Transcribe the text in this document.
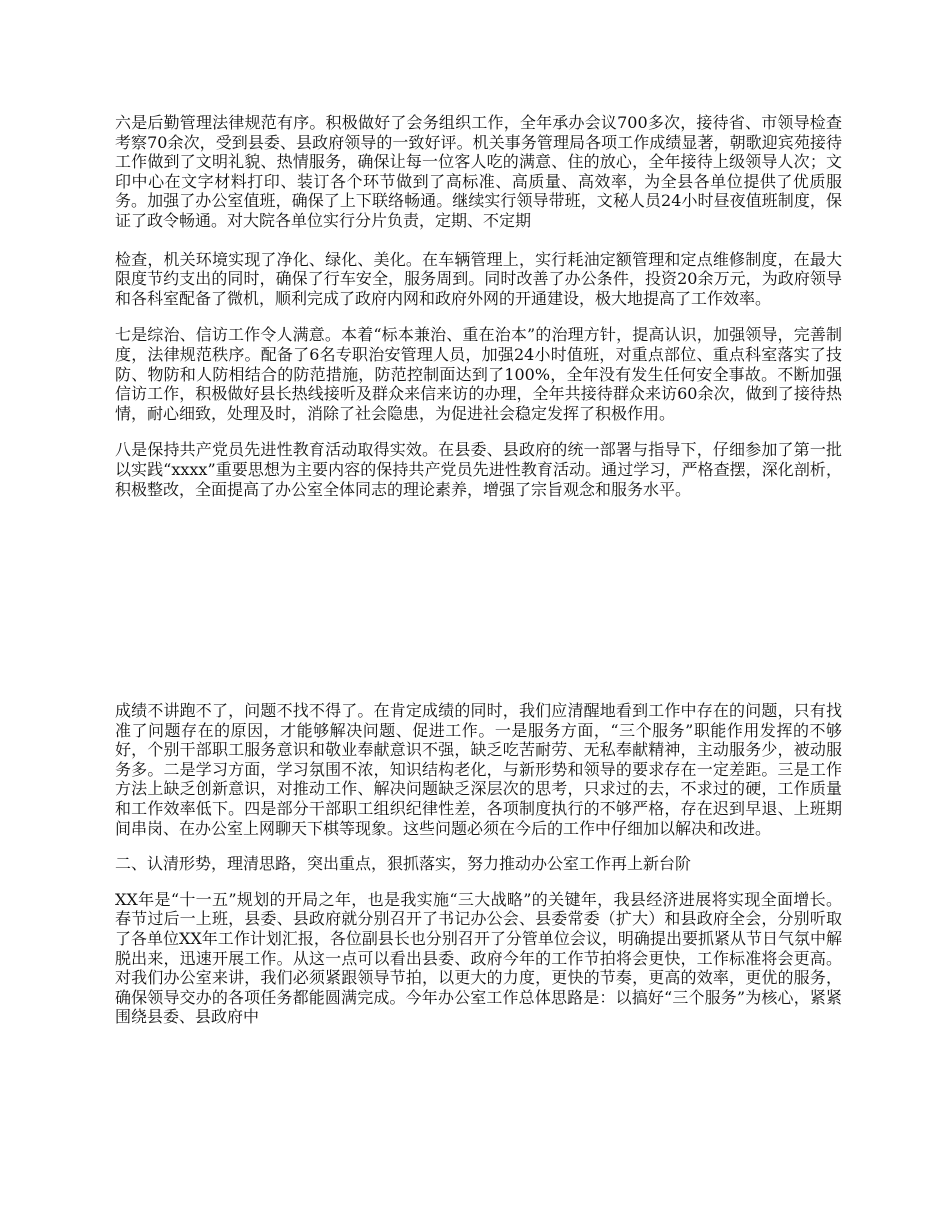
六是后勤管理法律规范有序。积极做好了会务组织工作，全年承办会议700多次，接待省、市领导检查考察70余次，受到县委、县政府领导的一致好评。机关事务管理局各项工作成绩显著，朝歌迎宾苑接待工作做到了文明礼貌、热情服务，确保让每一位客人吃的满意、住的放心，全年接待上级领导人次；文印中心在文字材料打印、装订各个环节做到了高标准、高质量、高效率，为全县各单位提供了优质服务。加强了办公室值班，确保了上下联络畅通。继续实行领导带班，文秘人员24小时昼夜值班制度，保证了政令畅通。对大院各单位实行分片负责，定期、不定期

检查，机关环境实现了净化、绿化、美化。在车辆管理上，实行耗油定额管理和定点维修制度，在最大限度节约支出的同时，确保了行车安全，服务周到。同时改善了办公条件，投资20余万元，为政府领导和各科室配备了微机，顺利完成了政府内网和政府外网的开通建设，极大地提高了工作效率。

七是综治、信访工作令人满意。本着“标本兼治、重在治本”的治理方针，提高认识，加强领导，完善制度，法律规范秩序。配备了6名专职治安管理人员，加强24小时值班，对重点部位、重点科室落实了技防、物防和人防相结合的防范措施，防范控制面达到了100%，全年没有发生任何安全事故。不断加强信访工作，积极做好县长热线接听及群众来信来访的办理，全年共接待群众来访60余次，做到了接待热情，耐心细致，处理及时，消除了社会隐患，为促进社会稳定发挥了积极作用。

八是保持共产党员先进性教育活动取得实效。在县委、县政府的统一部署与指导下，仔细参加了第一批以实践“xxxx”重要思想为主要内容的保持共产党员先进性教育活动。通过学习，严格查摆，深化剖析，积极整改，全面提高了办公室全体同志的理论素养，增强了宗旨观念和服务水平。

成绩不讲跑不了，问题不找不得了。在肯定成绩的同时，我们应清醒地看到工作中存在的问题，只有找准了问题存在的原因，才能够解决问题、促进工作。一是服务方面，“三个服务”职能作用发挥的不够好，个别干部职工服务意识和敬业奉献意识不强，缺乏吃苦耐劳、无私奉献精神，主动服务少，被动服务多。二是学习方面，学习氛围不浓，知识结构老化，与新形势和领导的要求存在一定差距。三是工作方法上缺乏创新意识，对推动工作、解决问题缺乏深层次的思考，只求过的去，不求过的硬，工作质量和工作效率低下。四是部分干部职工组织纪律性差，各项制度执行的不够严格，存在迟到早退、上班期间串岗、在办公室上网聊天下棋等现象。这些问题必须在今后的工作中仔细加以解决和改进。

二、认清形势，理清思路，突出重点，狠抓落实，努力推动办公室工作再上新台阶

XX年是“十一五”规划的开局之年，也是我实施“三大战略”的关键年，我县经济进展将实现全面增长。春节过后一上班，县委、县政府就分别召开了书记办公会、县委常委（扩大）和县政府全会，分别听取了各单位XX年工作计划汇报，各位副县长也分别召开了分管单位会议，明确提出要抓紧从节日气氛中解脱出来，迅速开展工作。从这一点可以看出县委、政府今年的工作节拍将会更快，工作标准将会更高。对我们办公室来讲，我们必须紧跟领导节拍，以更大的力度，更快的节奏，更高的效率，更优的服务，确保领导交办的各项任务都能圆满完成。今年办公室工作总体思路是：以搞好“三个服务”为核心，紧紧围绕县委、县政府中
